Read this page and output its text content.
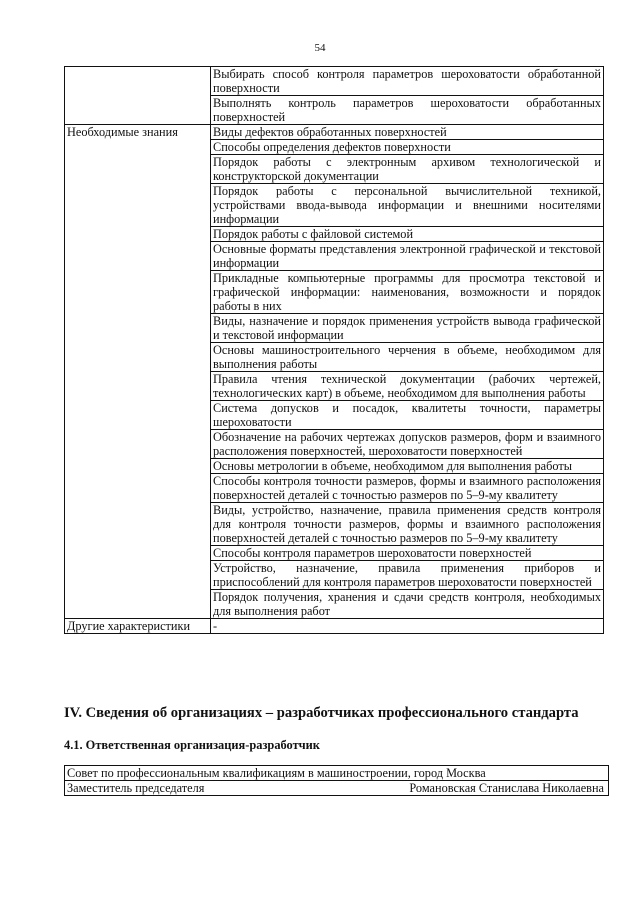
54
	Выбирать способ контроля параметров шероховатости обработанной поверхности
	Выполнять контроль параметров шероховатости обработанных поверхностей
Необходимые знания	Виды дефектов обработанных поверхностей
	Способы определения дефектов поверхности
	Порядок работы с электронным архивом технологической и конструкторской документации
	Порядок работы с персональной вычислительной техникой, устройствами ввода-вывода информации и внешними носителями информации
	Порядок работы с файловой системой
	Основные форматы представления электронной графической и текстовой информации
	Прикладные компьютерные программы для просмотра текстовой и графической информации: наименования, возможности и порядок работы в них
	Виды, назначение и порядок применения устройств вывода графической и текстовой информации
	Основы машиностроительного черчения в объеме, необходимом для выполнения работы
	Правила чтения технической документации (рабочих чертежей, технологических карт) в объеме, необходимом для выполнения работы
	Система допусков и посадок, квалитеты точности, параметры шероховатости
	Обозначение на рабочих чертежах допусков размеров, форм и взаимного расположения поверхностей, шероховатости поверхностей
	Основы метрологии в объеме, необходимом для выполнения работы
	Способы контроля точности размеров, формы и взаимного расположения поверхностей деталей с точностью размеров по 5–9-му квалитету
	Виды, устройство, назначение, правила применения средств контроля для контроля точности размеров, формы и взаимного расположения поверхностей деталей с точностью размеров по 5–9-му квалитету
	Способы контроля параметров шероховатости поверхностей
	Устройство, назначение, правила применения приборов и приспособлений для контроля параметров шероховатости поверхностей
	Порядок получения, хранения и сдачи средств контроля, необходимых для выполнения работ
Другие характеристики	-
IV. Сведения об организациях – разработчиках профессионального стандарта
4.1. Ответственная организация-разработчик
Совет по профессиональным квалификациям в машиностроении, город Москва
Заместитель председателя	Романовская Станислава Николаевна
